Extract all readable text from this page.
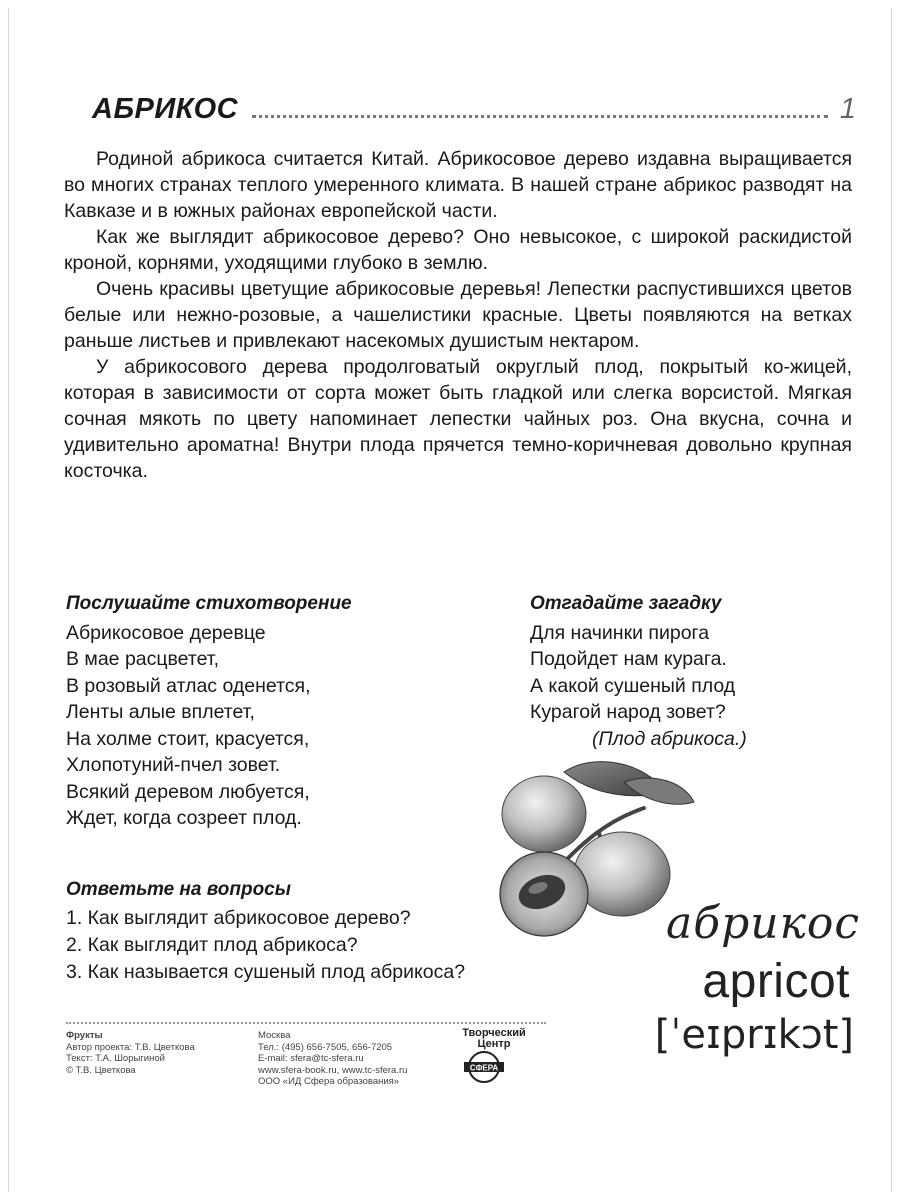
АБРИКОС	1

Родиной абрикоса считается Китай. Абрикосовое дерево издавна выращивается во многих странах теплого умеренного климата. В нашей стране абрикос разводят на Кавказе и в южных районах европейской части.

Как же выглядит абрикосовое дерево? Оно невысокое, с широкой раскидистой кроной, корнями, уходящими глубоко в землю.

Очень красивы цветущие абрикосовые деревья! Лепестки распустившихся цветов белые или нежно-розовые, а чашелистики красные. Цветы появляются на ветках раньше листьев и привлекают насекомых душистым нектаром.

У абрикосового дерева продолговатый округлый плод, покрытый ко-жицей, которая в зависимости от сорта может быть гладкой или слегка ворсистой. Мягкая сочная мякоть по цвету напоминает лепестки чайных роз. Она вкусна, сочна и удивительно ароматна! Внутри плода прячется темно-коричневая довольно крупная косточка.

Послушайте стихотворение
Абрикосовое деревце
В мае расцветет,
В розовый атлас оденется,
Ленты алые вплетет,
На холме стоит, красуется,
Хлопотуний-пчел зовет.
Всякий деревом любуется,
Ждет, когда созреет плод.
Отгадайте загадку
Для начинки пирога
Подойдет нам курага.
А какой сушеный плод
Курагой народ зовет?
(Плод абрикоса.)
Ответьте на вопросы
1. Как выглядит абрикосовое дерево?
2. Как выглядит плод абрикоса?
3. Как называется сушеный плод абрикоса?
абрикос
apricot
[ˈeɪprɪkɔt]
Фрукты
Автор проекта: Т.В. Цветкова
Текст: Т.А. Шорыгиной
© Т.В. Цветкова
Москва
Тел.: (495) 656-7505, 656-7205
E-mail: sfera@tc-sfera.ru
www.sfera-book.ru, www.tc-sfera.ru
ООО «ИД Сфера образования»
Творческий
Центр
СФЕРА
